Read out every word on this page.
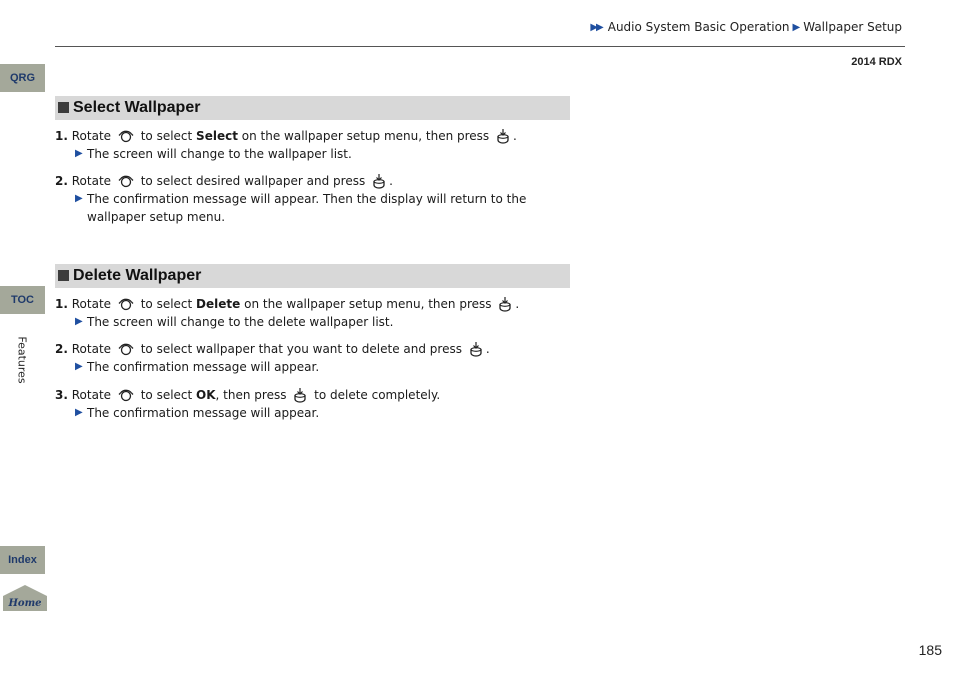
▶▶ Audio System Basic Operation ▶ Wallpaper Setup
2014 RDX
QRG
TOC
Features
Index
Home
Select Wallpaper
1. Rotate to select Select on the wallpaper setup menu, then press .
▶ The screen will change to the wallpaper list.
2. Rotate to select desired wallpaper and press .
▶ The confirmation message will appear. Then the display will return to the
wallpaper setup menu.
Delete Wallpaper
1. Rotate to select Delete on the wallpaper setup menu, then press .
▶ The screen will change to the delete wallpaper list.
2. Rotate to select wallpaper that you want to delete and press .
▶ The confirmation message will appear.
3. Rotate to select OK, then press to delete completely.
▶ The confirmation message will appear.
185
